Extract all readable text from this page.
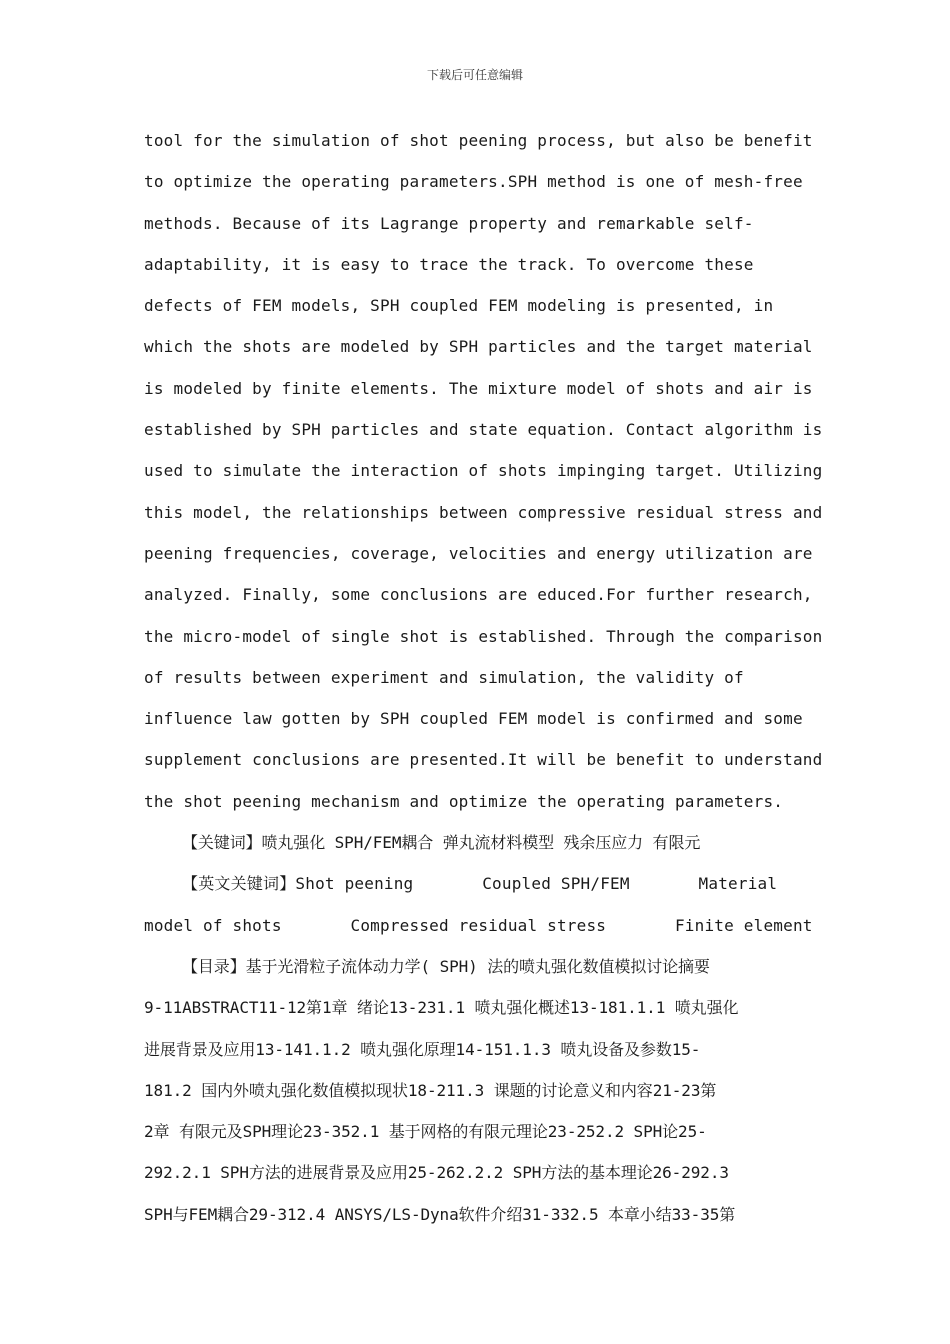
下载后可任意编辑
tool for the simulation of shot peening process, but also be benefit
to optimize the operating parameters.SPH method is one of mesh-free
methods. Because of its Lagrange property and remarkable self-
adaptability, it is easy to trace the track. To overcome these
defects of FEM models, SPH coupled FEM modeling is presented, in
which the shots are modeled by SPH particles and the target material
is modeled by finite elements. The mixture model of shots and air is
established by SPH particles and state equation. Contact algorithm is
used to simulate the interaction of shots impinging target. Utilizing
this model, the relationships between compressive residual stress and
peening frequencies, coverage, velocities and energy utilization are
analyzed. Finally, some conclusions are educed.For further research,
the micro-model of single shot is established. Through the comparison
of results between experiment and simulation, the validity of
influence law gotten by SPH coupled FEM model is confirmed and some
supplement conclusions are presented.It will be benefit to understand
the shot peening mechanism and optimize the operating parameters.
【关键词】喷丸强化 SPH/FEM耦合 弹丸流材料模型 残余压应力 有限元
【英文关键词】Shot peening       Coupled SPH/FEM       Material
model of shots       Compressed residual stress       Finite element
【目录】基于光滑粒子流体动力学( SPH) 法的喷丸强化数值模拟讨论摘要
9-11ABSTRACT11-12第1章 绪论13-231.1 喷丸强化概述13-181.1.1 喷丸强化
进展背景及应用13-141.1.2 喷丸强化原理14-151.1.3 喷丸设备及参数15-
181.2 国内外喷丸强化数值模拟现状18-211.3 课题的讨论意义和内容21-23第
2章 有限元及SPH理论23-352.1 基于网格的有限元理论23-252.2 SPH论25-
292.2.1 SPH方法的进展背景及应用25-262.2.2 SPH方法的基本理论26-292.3
SPH与FEM耦合29-312.4 ANSYS/LS-Dyna软件介绍31-332.5 本章小结33-35第
